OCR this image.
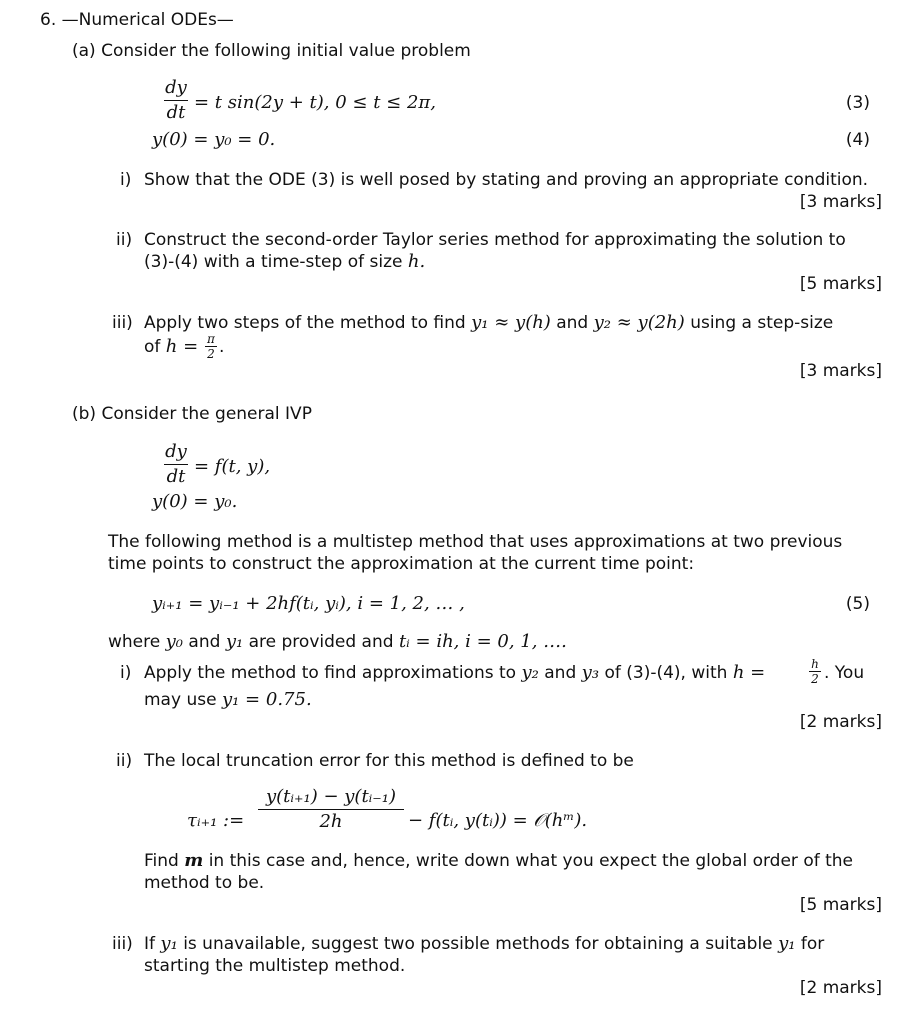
6. —Numerical ODEs—
(a) Consider the following initial value problem
dy
dt = t sin(2y + t), 0 ≤ t ≤ 2π,	(3)
y(0) = y₀ = 0.	(4)
i) Show that the ODE (3) is well posed by stating and proving an appropriate condition.
[3 marks]
ii) Construct the second-order Taylor series method for approximating the solution to
(3)-(4) with a time-step of size h.
[5 marks]
iii) Apply two steps of the method to find y₁ ≈ y(h) and y₂ ≈ y(2h) using a step-size
of h = π
2 .
[3 marks]
(b) Consider the general IVP
dy
dt = f(t, y),
y(0) = y₀.
The following method is a multistep method that uses approximations at two previous
time points to construct the approximation at the current time point:
yᵢ₊₁ = yᵢ₋₁ + 2hf(tᵢ, yᵢ), i = 1, 2, … ,	(5)
where y₀ and y₁ are provided and tᵢ = ih, i = 0, 1, ….
i) Apply the method to find approximations to y₂ and y₃ of (3)-(4), with h =	h
2 . You
may use y₁ = 0.75.
[2 marks]
ii) The local truncation error for this method is defined to be
τᵢ₊₁ :=
y(tᵢ₊₁) − y(tᵢ₋₁)
2h	− f(tᵢ, y(tᵢ)) = 𝒪(hᵐ).
Find m in this case and, hence, write down what you expect the global order of the
method to be.
[5 marks]
iii) If y₁ is unavailable, suggest two possible methods for obtaining a suitable y₁ for
starting the multistep method.
[2 marks]
